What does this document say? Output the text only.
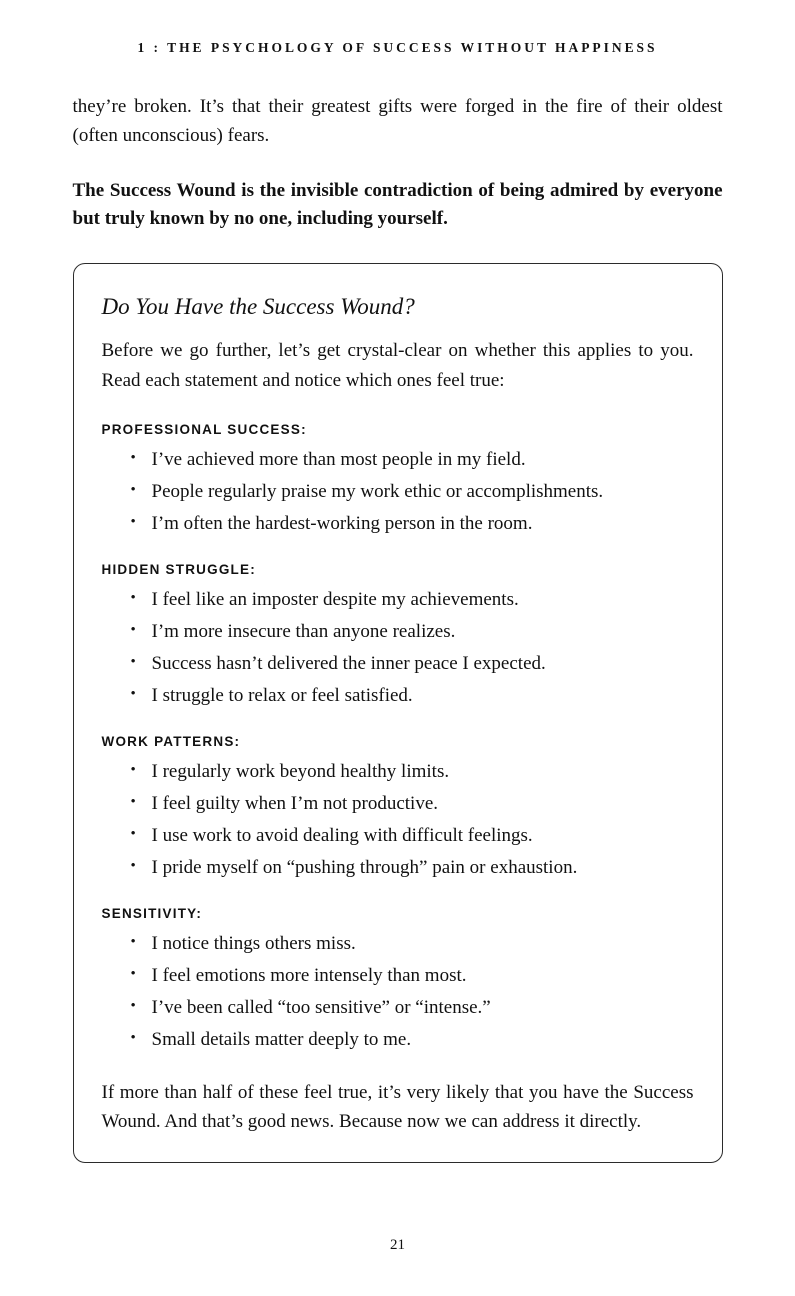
1 : THE PSYCHOLOGY OF SUCCESS WITHOUT HAPPINESS

they’re broken. It’s that their greatest gifts were forged in the fire of their oldest (often unconscious) fears.

The Success Wound is the invisible contradiction of being admired by everyone but truly known by no one, including yourself.

Do You Have the Success Wound?

Before we go further, let’s get crystal-clear on whether this applies to you. Read each statement and notice which ones feel true:

PROFESSIONAL SUCCESS:
• I’ve achieved more than most people in my field.
• People regularly praise my work ethic or accomplishments.
• I’m often the hardest-working person in the room.
HIDDEN STRUGGLE:
• I feel like an imposter despite my achievements.
• I’m more insecure than anyone realizes.
• Success hasn’t delivered the inner peace I expected.
• I struggle to relax or feel satisfied.
WORK PATTERNS:
• I regularly work beyond healthy limits.
• I feel guilty when I’m not productive.
• I use work to avoid dealing with difficult feelings.
• I pride myself on “pushing through” pain or exhaustion.
SENSITIVITY:
• I notice things others miss.
• I feel emotions more intensely than most.
• I’ve been called “too sensitive” or “intense.”
• Small details matter deeply to me.

If more than half of these feel true, it’s very likely that you have the Success Wound. And that’s good news. Because now we can address it directly.

21
